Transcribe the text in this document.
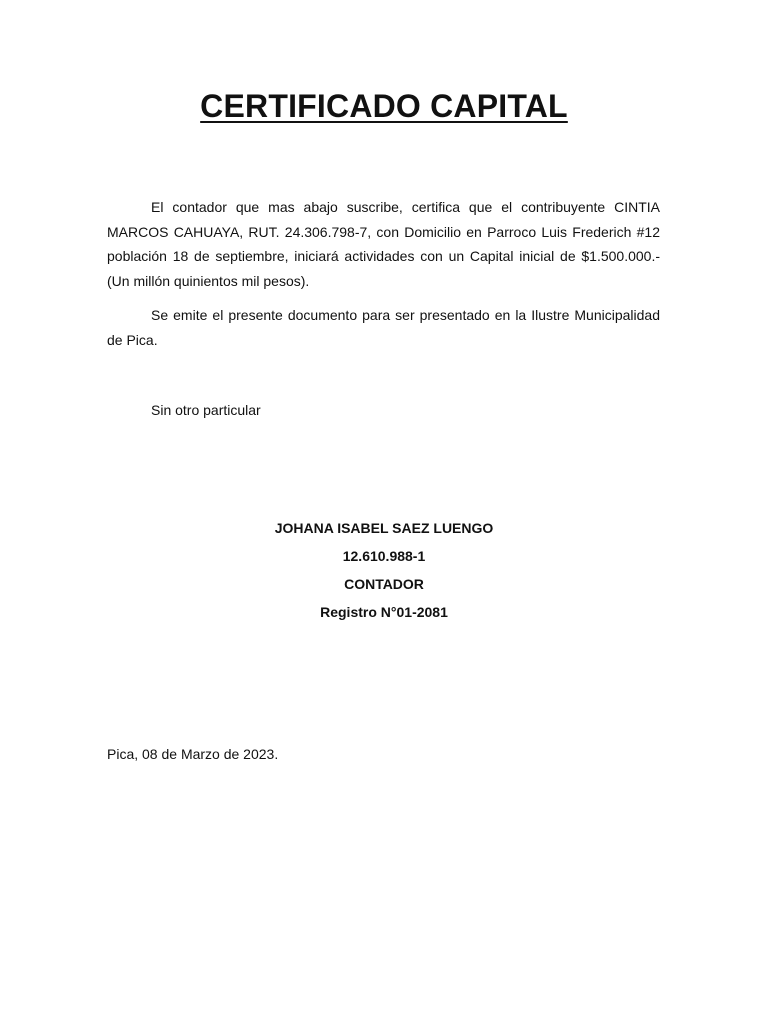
CERTIFICADO CAPITAL

El contador que mas abajo suscribe, certifica que el contribuyente CINTIA MARCOS CAHUAYA, RUT. 24.306.798-7, con Domicilio en Parroco Luis Frederich #12 población 18 de septiembre, iniciará actividades con un Capital inicial de $1.500.000.- (Un millón quinientos mil pesos).

Se emite el presente documento para ser presentado en la Ilustre Municipalidad de Pica.

Sin otro particular

JOHANA ISABEL SAEZ LUENGO

12.610.988-1

CONTADOR

Registro N°01-2081

Pica, 08 de Marzo de 2023.
